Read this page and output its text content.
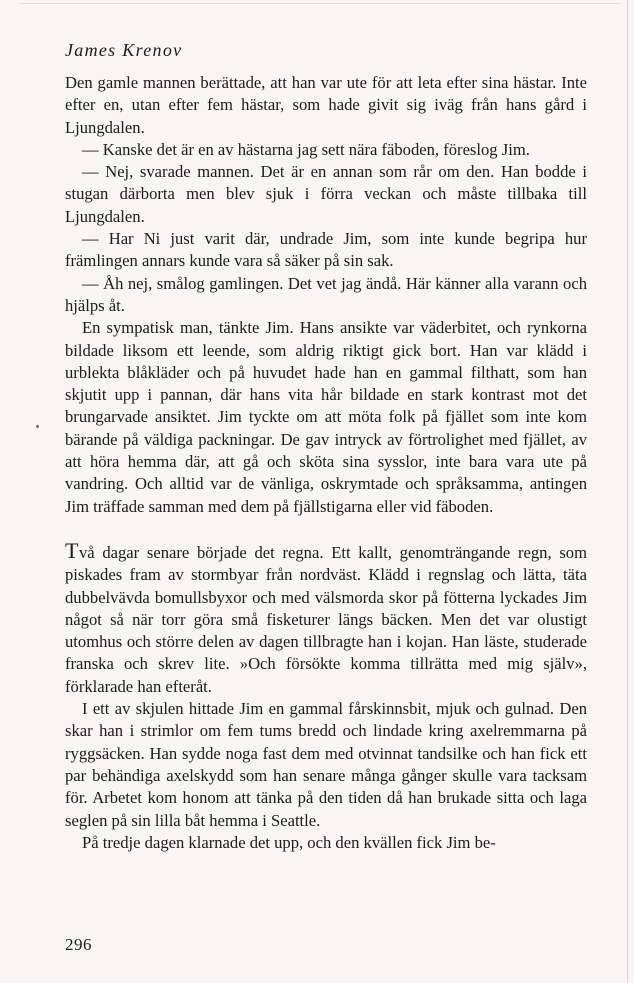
James Krenov

Den gamle mannen berättade, att han var ute för att leta efter sina hästar. Inte efter en, utan efter fem hästar, som hade givit sig iväg från hans gård i Ljungdalen.

— Kanske det är en av hästarna jag sett nära fäboden, föreslog Jim.

— Nej, svarade mannen. Det är en annan som rår om den. Han bodde i stugan därborta men blev sjuk i förra veckan och måste tillbaka till Ljungdalen.

— Har Ni just varit där, undrade Jim, som inte kunde begripa hur främlingen annars kunde vara så säker på sin sak.

— Åh nej, smålog gamlingen. Det vet jag ändå. Här känner alla varann och hjälps åt.

En sympatisk man, tänkte Jim. Hans ansikte var väderbitet, och rynkorna bildade liksom ett leende, som aldrig riktigt gick bort. Han var klädd i urblekta blåkläder och på huvudet hade han en gammal filthatt, som han skjutit upp i pannan, där hans vita hår bildade en stark kontrast mot det brungarvade ansiktet. Jim tyckte om att möta folk på fjället som inte kom bärande på väldiga packningar. De gav intryck av förtrolighet med fjället, av att höra hemma där, att gå och sköta sina sysslor, inte bara vara ute på vandring. Och alltid var de vänliga, oskrymtade och språksamma, antingen Jim träffade samman med dem på fjällstigarna eller vid fäboden.

Två dagar senare började det regna. Ett kallt, genomträngande regn, som piskades fram av stormbyar från nordväst. Klädd i regnslag och lätta, täta dubbelvävda bomullsbyxor och med välsmorda skor på fötterna lyckades Jim något så när torr göra små fisketurer längs bäcken. Men det var olustigt utomhus och större delen av dagen tillbragte han i kojan. Han läste, studerade franska och skrev lite. »Och försökte komma tillrätta med mig själv», förklarade han efteråt.

I ett av skjulen hittade Jim en gammal fårskinnsbit, mjuk och gulnad. Den skar han i strimlor om fem tums bredd och lindade kring axelremmarna på ryggsäcken. Han sydde noga fast dem med otvinnat tandsilke och han fick ett par behändiga axelskydd som han senare många gånger skulle vara tacksam för. Arbetet kom honom att tänka på den tiden då han brukade sitta och laga seglen på sin lilla båt hemma i Seattle.

På tredje dagen klarnade det upp, och den kvällen fick Jim be-

296
